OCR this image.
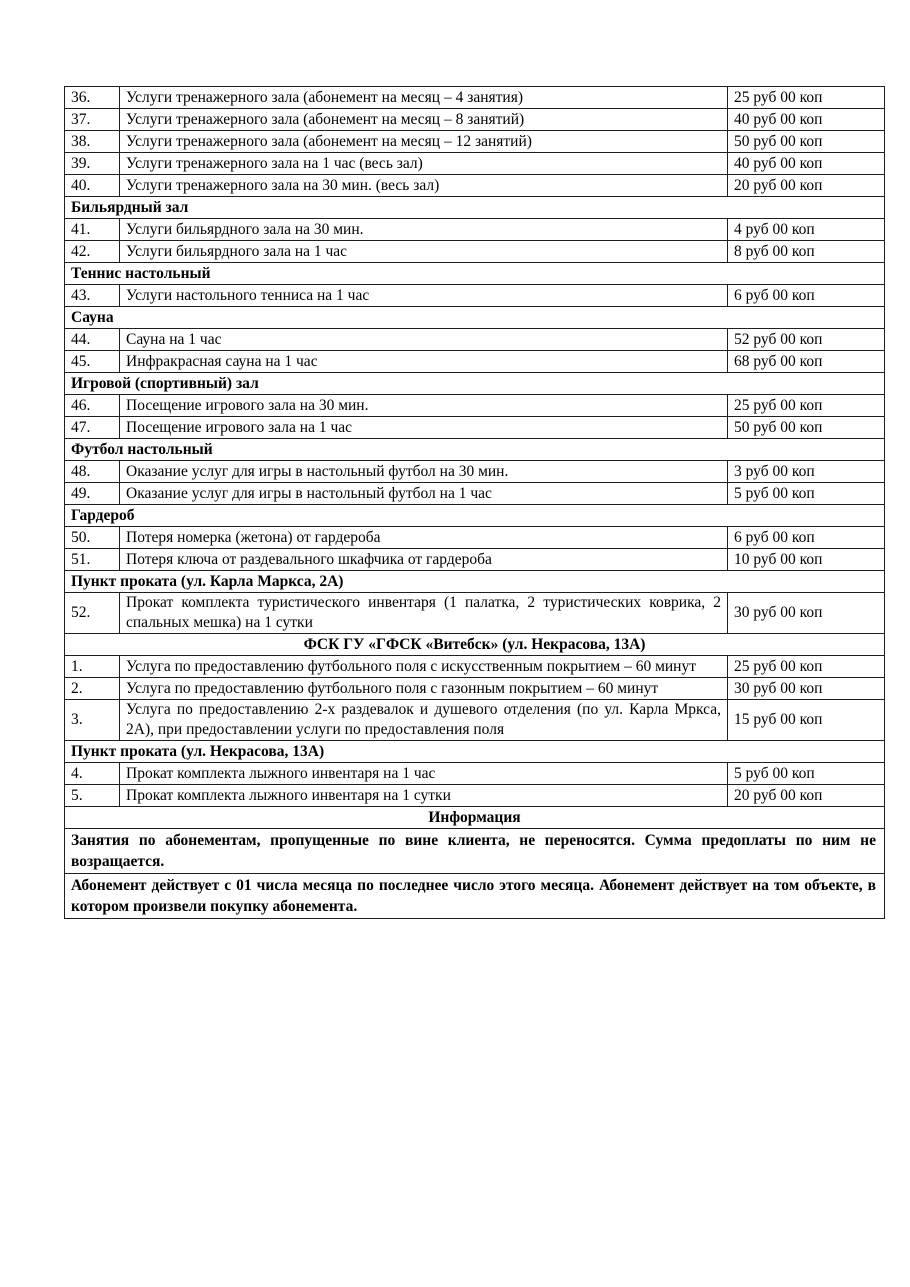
36.	Услуги тренажерного зала (абонемент на месяц – 4 занятия)	25 руб 00 коп
37.	Услуги тренажерного зала (абонемент на месяц – 8 занятий)	40 руб 00 коп
38.	Услуги тренажерного зала (абонемент на месяц – 12 занятий)	50 руб 00 коп
39.	Услуги тренажерного зала на 1 час (весь зал)	40 руб 00 коп
40.	Услуги тренажерного зала на 30 мин. (весь зал)	20 руб 00 коп
Бильярдный зал		
41.	Услуги бильярдного зала на 30 мин.	4 руб 00 коп
42.	Услуги бильярдного зала на 1 час	8 руб 00 коп
Теннис настольный		
43.	Услуги настольного тенниса на 1 час	6 руб 00 коп
Сауна		
44.	Сауна на 1 час	52 руб 00 коп
45.	Инфракрасная сауна на 1 час	68 руб 00 коп
Игровой (спортивный) зал		
46.	Посещение игрового зала на 30 мин.	25 руб 00 коп
47.	Посещение игрового зала на 1 час	50 руб 00 коп
Футбол настольный		
48.	Оказание услуг для игры в настольный футбол на 30 мин.	3 руб 00 коп
49.	Оказание услуг для игры в настольный футбол на 1 час	5 руб 00 коп
Гардероб		
50.	Потеря номерка (жетона) от гардероба	6 руб 00 коп
51.	Потеря ключа от раздевального шкафчика от гардероба	10 руб 00 коп
Пункт проката (ул. Карла Маркса, 2А)		
52.	Прокат комплекта туристического инвентаря (1 палатка, 2 туристических коврика, 2 спальных мешка) на 1 сутки	30 руб 00 коп
ФСК ГУ «ГФСК «Витебск» (ул. Некрасова, 13А)		
1.	Услуга по предоставлению футбольного поля с искусственным покрытием – 60 минут	25 руб 00 коп
2.	Услуга по предоставлению футбольного поля с газонным покрытием – 60 минут	30 руб 00 коп
3.	Услуга по предоставлению 2-х раздевалок и душевого отделения (по ул. Карла Мркса, 2А), при предоставлении услуги по предоставления поля	15 руб 00 коп
Пункт проката (ул. Некрасова, 13А)		
4.	Прокат комплекта лыжного инвентаря на 1 час	5 руб 00 коп
5.	Прокат комплекта лыжного инвентаря на 1 сутки	20 руб 00 коп
Информация		
Занятия по абонементам, пропущенные по вине клиента, не переносятся. Сумма предоплаты по ним не возращается.		
Абонемент действует с 01 числа месяца по последнее число этого месяца. Абонемент действует на том объекте, в котором произвели покупку абонемента.		
